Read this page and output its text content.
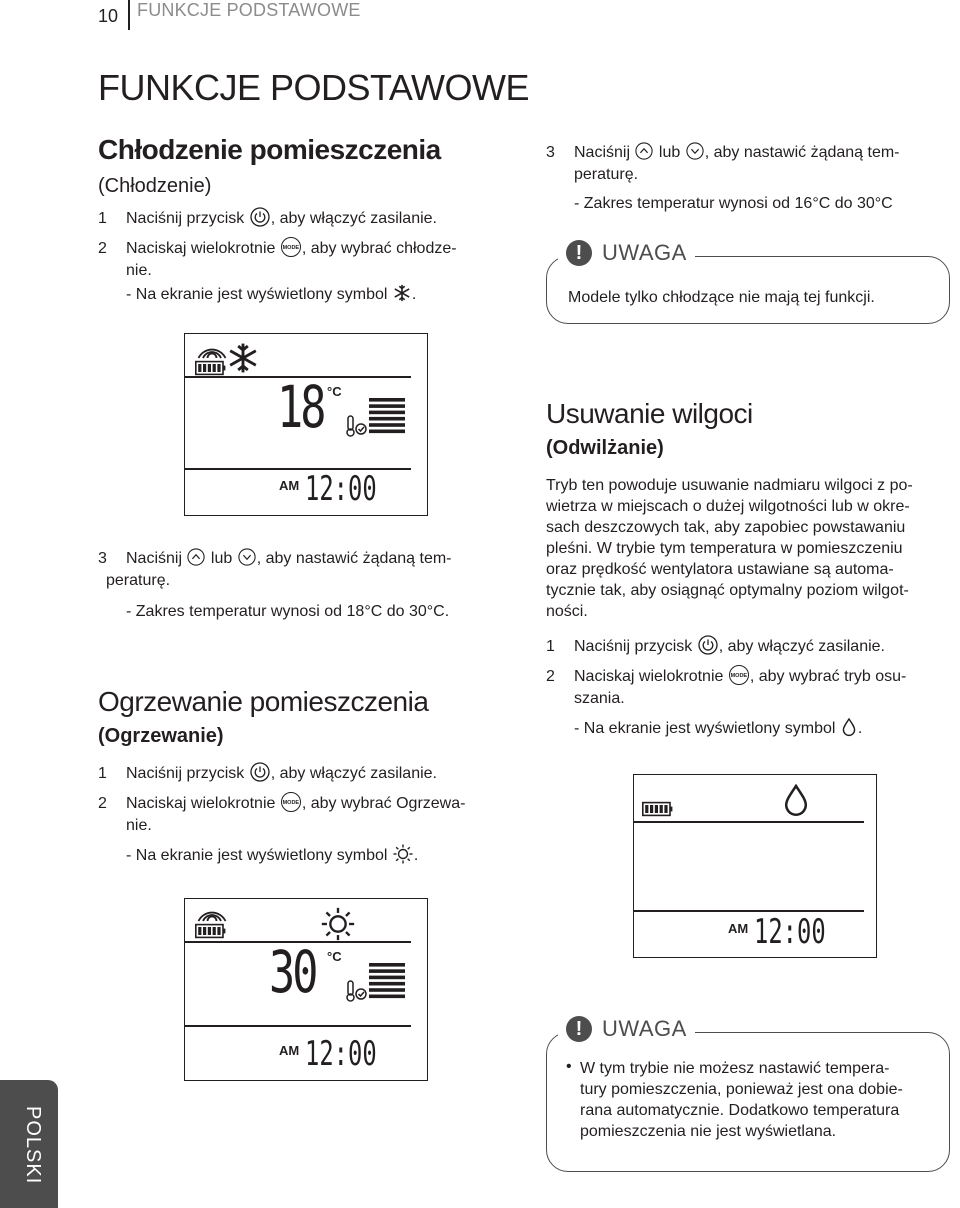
10 FUNKCJE PODSTAWOWE
FUNKCJE PODSTAWOWE
Chłodzenie pomieszczenia
(Chłodzenie)
1 Naciśnij przycisk , aby włączyć zasilanie.
2 Naciskaj wielokrotnie MODE , aby wybrać chłodze-
nie.
- Na ekranie jest wyświetlony symbol .
18 °C
AM 12:00
3 Naciśnij lub , aby nastawić żądaną tem-
peraturę.
- Zakres temperatur wynosi od 18°C do 30°C.
Ogrzewanie pomieszczenia
(Ogrzewanie)
1 Naciśnij przycisk , aby włączyć zasilanie.
2 Naciskaj wielokrotnie MODE , aby wybrać Ogrzewa-
nie.
- Na ekranie jest wyświetlony symbol .
30 °C
AM 12:00
3 Naciśnij lub , aby nastawić żądaną tem-
peraturę.
- Zakres temperatur wynosi od 16°C do 30°C
! UWAGA
Modele tylko chłodzące nie mają tej funkcji.
Usuwanie wilgoci
(Odwilżanie)
Tryb ten powoduje usuwanie nadmiaru wilgoci z po-
wietrza w miejscach o dużej wilgotności lub w okre-
sach deszczowych tak, aby zapobiec powstawaniu
pleśni. W trybie tym temperatura w pomieszczeniu
oraz prędkość wentylatora ustawiane są automa-
tycznie tak, aby osiągnąć optymalny poziom wilgot-
ności.
1 Naciśnij przycisk , aby włączyć zasilanie.
2 Naciskaj wielokrotnie MODE , aby wybrać tryb osu-
szania.
- Na ekranie jest wyświetlony symbol .
AM 12:00
! UWAGA
• W tym trybie nie możesz nastawić tempera-
tury pomieszczenia, ponieważ jest ona dobie-
rana automatycznie. Dodatkowo temperatura
pomieszczenia nie jest wyświetlana.
POLSKI
